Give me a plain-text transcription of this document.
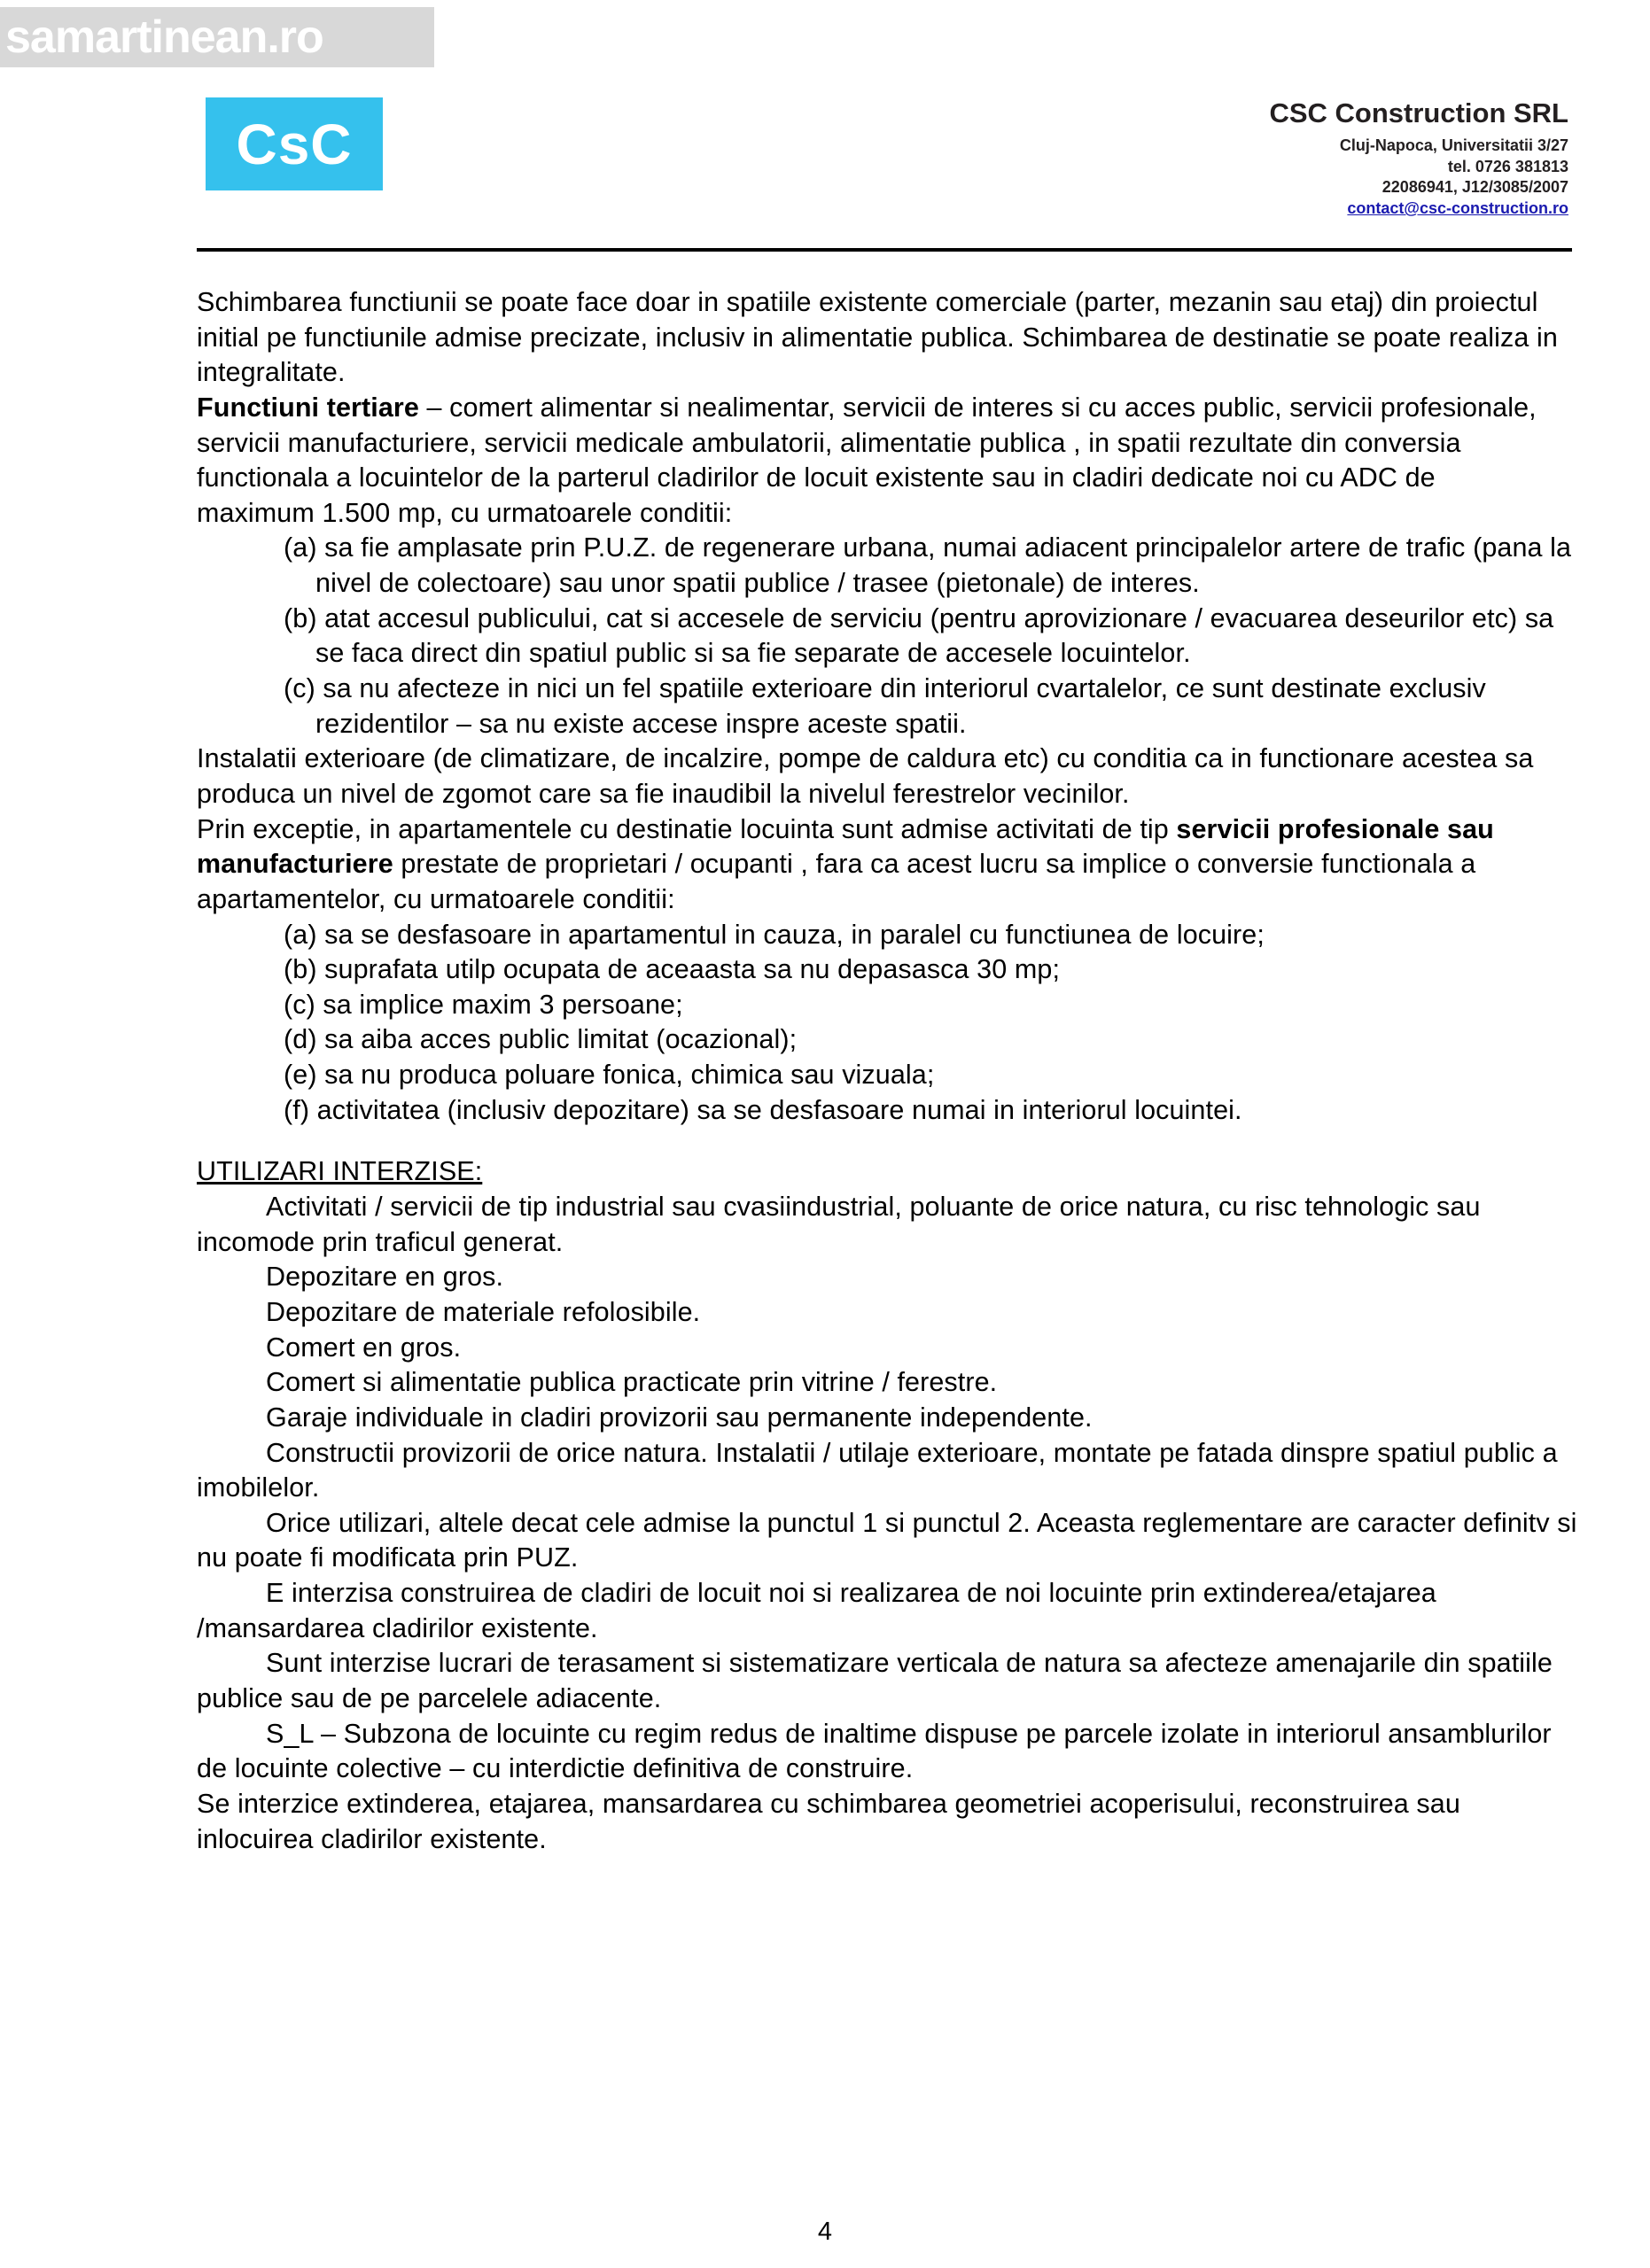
CsC	CSC Construction SRL
Cluj-Napoca, Universitatii 3/27
tel. 0726 381813
22086941, J12/3085/2007
contact@csc-construction.ro
samartinean.ro

Schimbarea functiunii se poate face doar in spatiile existente comerciale (parter, mezanin sau etaj) din proiectul initial pe functiunile admise precizate, inclusiv in alimentatie publica. Schimbarea de destinatie se poate realiza in integralitate.

Functiuni tertiare – comert alimentar si nealimentar, servicii de interes si cu acces public, servicii profesionale, servicii manufacturiere, servicii medicale ambulatorii, alimentatie publica , in spatii rezultate din conversia functionala a locuintelor de la parterul cladirilor de locuit existente sau in cladiri dedicate noi cu ADC de

maximum 1.500 mp, cu urmatoarele conditii:

(a) sa fie amplasate prin P.U.Z. de regenerare urbana, numai adiacent principalelor artere de trafic (pana la nivel de colectoare) sau unor spatii publice / trasee (pietonale) de interes.
(b) atat accesul publicului, cat si accesele de serviciu (pentru aprovizionare / evacuarea deseurilor etc) sa se faca direct din spatiul public si sa fie separate de accesele locuintelor.
(c) sa nu afecteze in nici un fel spatiile exterioare din interiorul cvartalelor, ce sunt destinate exclusiv rezidentilor – sa nu existe accese inspre aceste spatii.

Instalatii exterioare (de climatizare, de incalzire, pompe de caldura etc) cu conditia ca in functionare acestea sa produca un nivel de zgomot care sa fie inaudibil la nivelul ferestrelor vecinilor.

Prin exceptie, in apartamentele cu destinatie locuinta sunt admise activitati de tip servicii profesionale sau manufacturiere prestate de proprietari / ocupanti , fara ca acest lucru sa implice o conversie functionala a apartamentelor, cu urmatoarele conditii:

(a) sa se desfasoare in apartamentul in cauza, in paralel cu functiunea de locuire;
(b) suprafata utilp ocupata de aceaasta sa nu depasasca 30 mp;
(c) sa implice maxim 3 persoane;
(d) sa aiba acces public limitat (ocazional);
(e) sa nu produca poluare fonica, chimica sau vizuala;
(f) activitatea (inclusiv depozitare) sa se desfasoare numai in interiorul locuintei.

UTILIZARI INTERZISE:

Activitati / servicii de tip industrial sau cvasiindustrial, poluante de orice natura, cu risc tehnologic sau incomode prin traficul generat.

Depozitare en gros.

Depozitare de materiale refolosibile.

Comert en gros.

Comert si alimentatie publica practicate prin vitrine / ferestre.

Garaje individuale in cladiri provizorii sau permanente independente.

Constructii provizorii de orice natura. Instalatii / utilaje exterioare, montate pe fatada dinspre spatiul public a imobilelor.

Orice utilizari, altele decat cele admise la punctul 1 si punctul 2. Aceasta reglementare are caracter definitv si nu poate fi modificata prin PUZ.

E interzisa construirea de cladiri de locuit noi si realizarea de noi locuinte prin extinderea/etajarea /mansardarea cladirilor existente.

Sunt interzise lucrari de terasament si sistematizare verticala de natura sa afecteze amenajarile din spatiile publice sau de pe parcelele adiacente.

S_L – Subzona de locuinte cu regim redus de inaltime dispuse pe parcele izolate in interiorul ansamblurilor de locuinte colective – cu interdictie definitiva de construire.

Se interzice extinderea, etajarea, mansardarea cu schimbarea geometriei acoperisului, reconstruirea sau inlocuirea cladirilor existente.

4
